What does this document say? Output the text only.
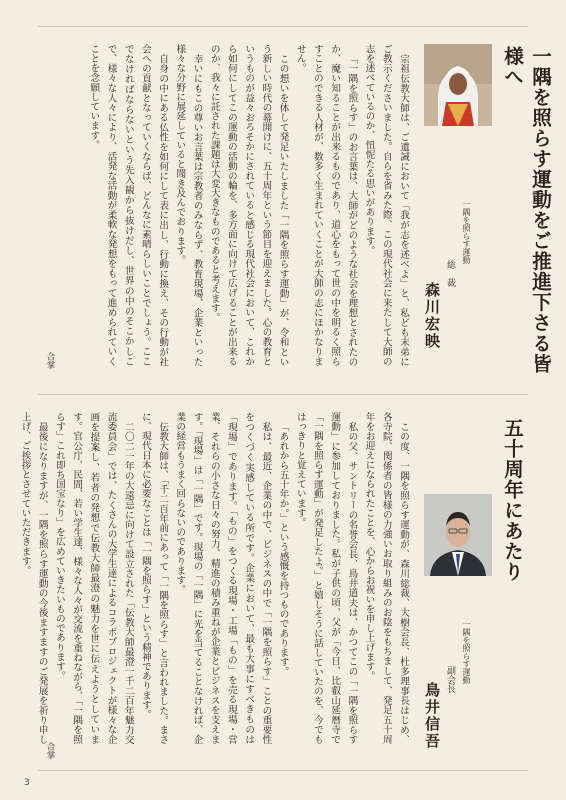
一隅を照らす運動をご推進下さる皆様へ
一隅を照らす運動
総　裁
森川宏映

宗祖伝教大師は、ご遺誡において「我が志を述べよ」と、私ども末弟にご教示くださいました。自らを省みた際、この現代社会に来たして大師の志を述べているのか、忸怩たる思いがあります。

「一隅を照らす」のお言葉は、大師がどのような社会を理想とされたのか、魔い知ることが出来るものであり、道心をもって世の中を明るく照らすことのできる人材が、数多く生まれていくことが大師の志にほかなりません。

この想いを体して発足いたしました「一隅を照らす運動」が、令和という新しい時代の幕開けに、五十周年という節目を迎えました。心の教育というものが益々おろそかにされていると感じる現代社会において、これから如何にしてこの運動の活動の輪を、多方面に向けて広げることが出来るのか、我々に託された課題は大変大きなものであると考えます。

幸いにもこの尊いお言葉は宗教者のみならず、教育現場、企業といった様々な分野に展延していると聞き及んでおります。

自身の中にある仏性を如何にして表に出し、行動に換え、その行動が社会への貢献となっていくならば、どんなに素晴らしいことでしょう。ここでなければならないという先入観から抜けだし、世界の中のそこかしこで、様々な人々により、活発な活動が柔軟な発想をもって進められていくことを念願しています。

合掌
五十周年にあたり
一隅を照らす運動
副会長
鳥井信吾

この度、一隅を照らす運動が、森川総裁、大樹会長、杜多理事長はじめ、各寺院、関係者の皆様の力強いお取り組みのお陰をもちまして、発足五十周年をお迎えになられたことを、心からお祝いを申し上げます。

私の父、サントリーの名誉会長、鳥井道夫は、かつてこの「一隅を照らす運動」に参加しておりました。私が子供の頃、父が「今日、比叡山延暦寺で「一隅を照らす運動」が発足したよ。」と嬉しそうに話していたのを、今でもはっきりと覚えています。

「あれから五十年か。」という感慨を持つものであります。

私は、最近、企業の中で、ビジネスの中で「一隅を照らす」ことの重要性をつくづく実感している所です。企業において、最も大事にすべきものは「現場」であります。「もの」をつくる現場・工場「もの」を売る現場・営業、それらの小さな日々の努力、精進の積み重ねが企業とビジネスを支えます。「現場」は「一隅」です。現場の「一隅」に光を当てることなければ、企業の経営もうまく回らないのであります。

伝教大師は、「千二百年前にあって「一隅を照らす」と言われました。まさに、現代日本に必要なことは「一隅を照らす」という精神であります。

二〇二一年の大遠忌に向けて設立された「伝教大師最澄一千二百年魅力交流委員会」では、たくさんの大学生達によるコラボプロジェクトが様々な企画を提案し、若者の発想で伝教大師最澄の魅力を世に伝えようとしています。官公庁、民間、若い学生達、様々な人々が交流を重ねながら、「一隅を照らす」これ即ち国宝なり」を広めていきたいものであります。

最後になりますが、一隅を照らす運動の今後ますますのご発展を祈り申し上げ、ご挨拶とさせていただきます。

合掌
3
